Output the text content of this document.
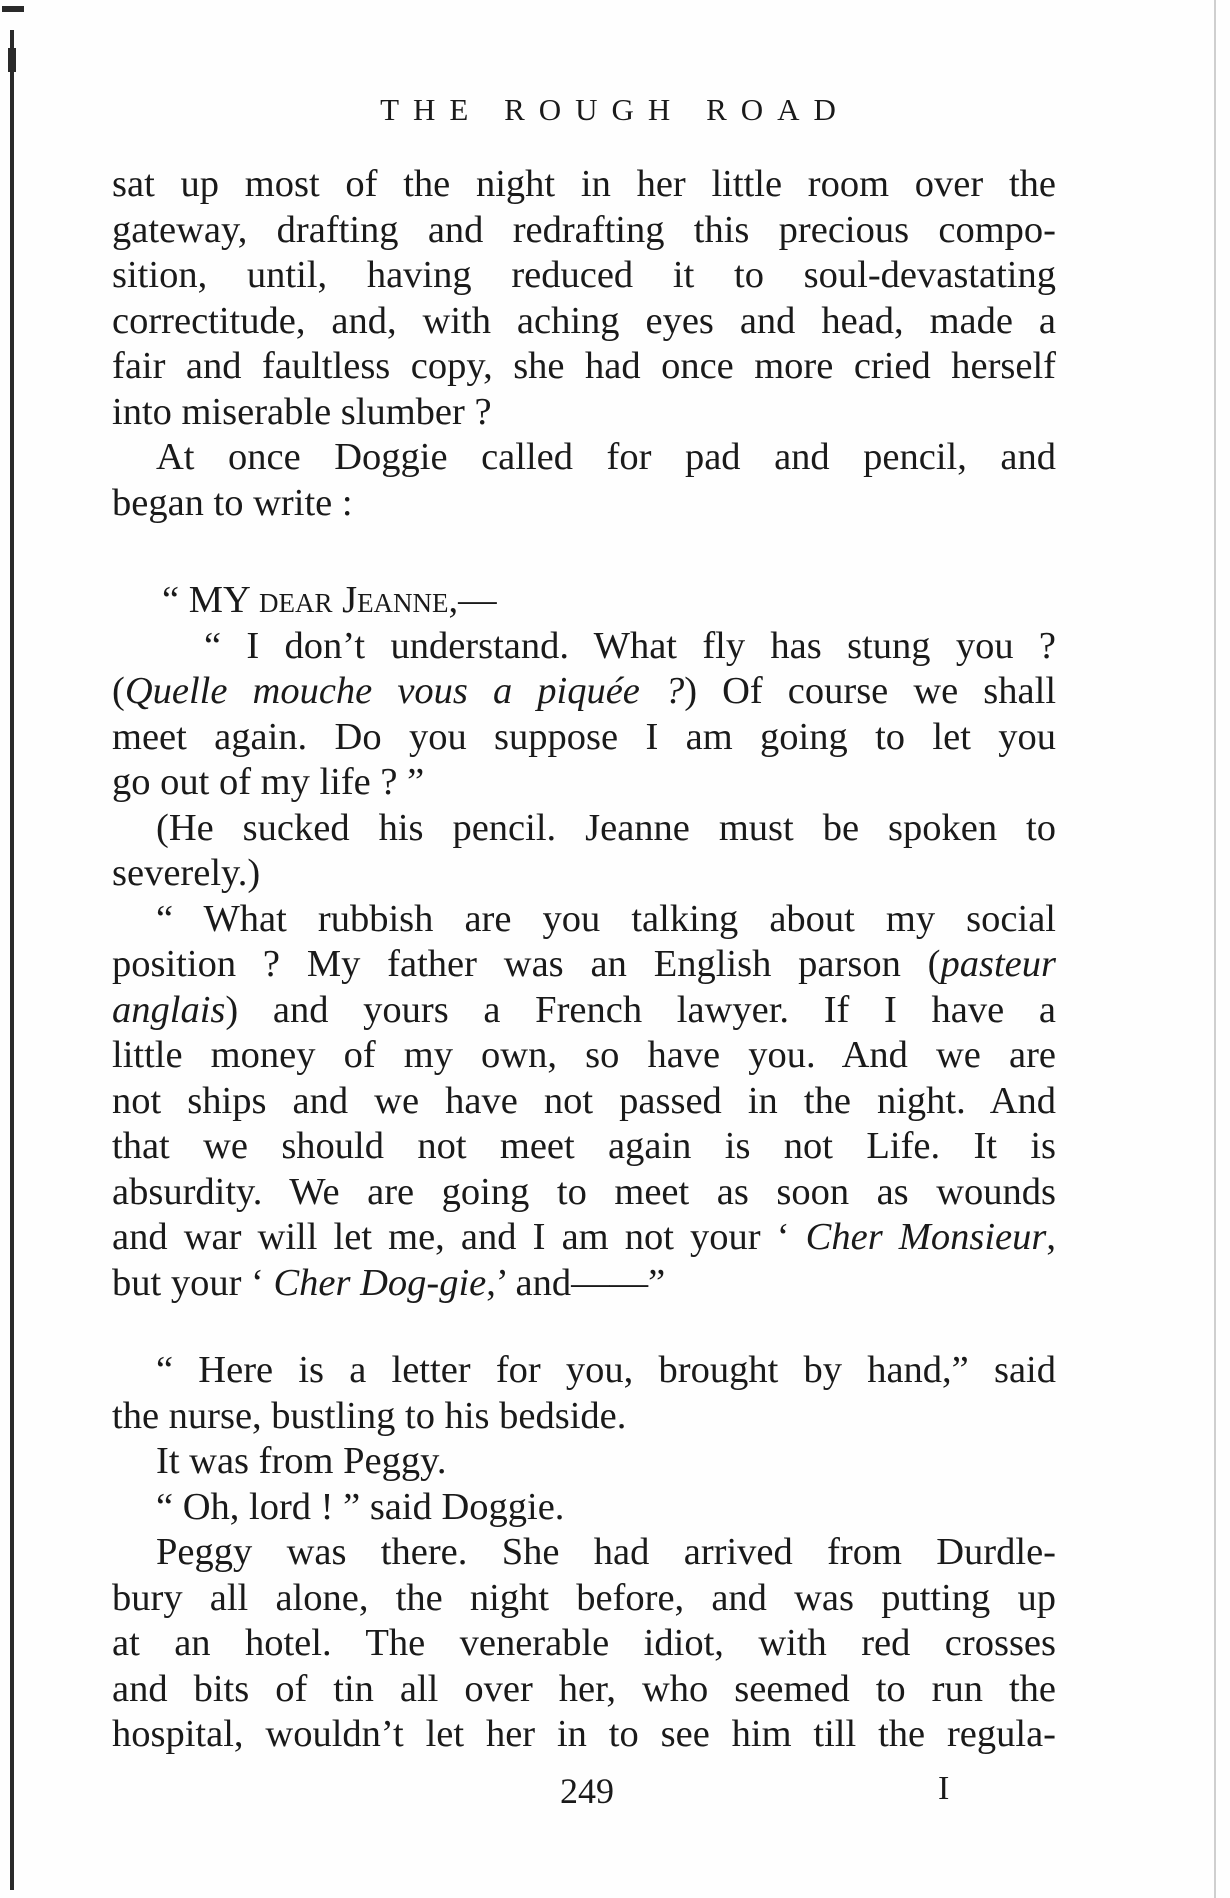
THE ROUGH ROAD
sat up most of the night in her little room over the
gateway, drafting and redrafting this precious compo-
sition, until, having reduced it to soul-devastating
correctitude, and, with aching eyes and head, made a
fair and faultless copy, she had once more cried herself
into miserable slumber ?
At once Doggie called for pad and pencil, and
began to write :
“ MY dear Jeanne,—
“ I don’t understand. What fly has stung you ?
(Quelle mouche vous a piquée ?) Of course we shall
meet again. Do you suppose I am going to let you
go out of my life ? ”
(He sucked his pencil. Jeanne must be spoken to
severely.)
“ What rubbish are you talking about my social
position ? My father was an English parson (pasteur
anglais) and yours a French lawyer. If I have a
little money of my own, so have you. And we are
not ships and we have not passed in the night. And
that we should not meet again is not Life. It is
absurdity. We are going to meet as soon as wounds
and war will let me, and I am not your ‘ Cher Monsieur,
but your ‘ Cher Dog-gie,’ and——”
“ Here is a letter for you, brought by hand,” said
the nurse, bustling to his bedside.
It was from Peggy.
“ Oh, lord ! ” said Doggie.
Peggy was there. She had arrived from Durdle-
bury all alone, the night before, and was putting up
at an hotel. The venerable idiot, with red crosses
and bits of tin all over her, who seemed to run the
hospital, wouldn’t let her in to see him till the regula-
249	I
